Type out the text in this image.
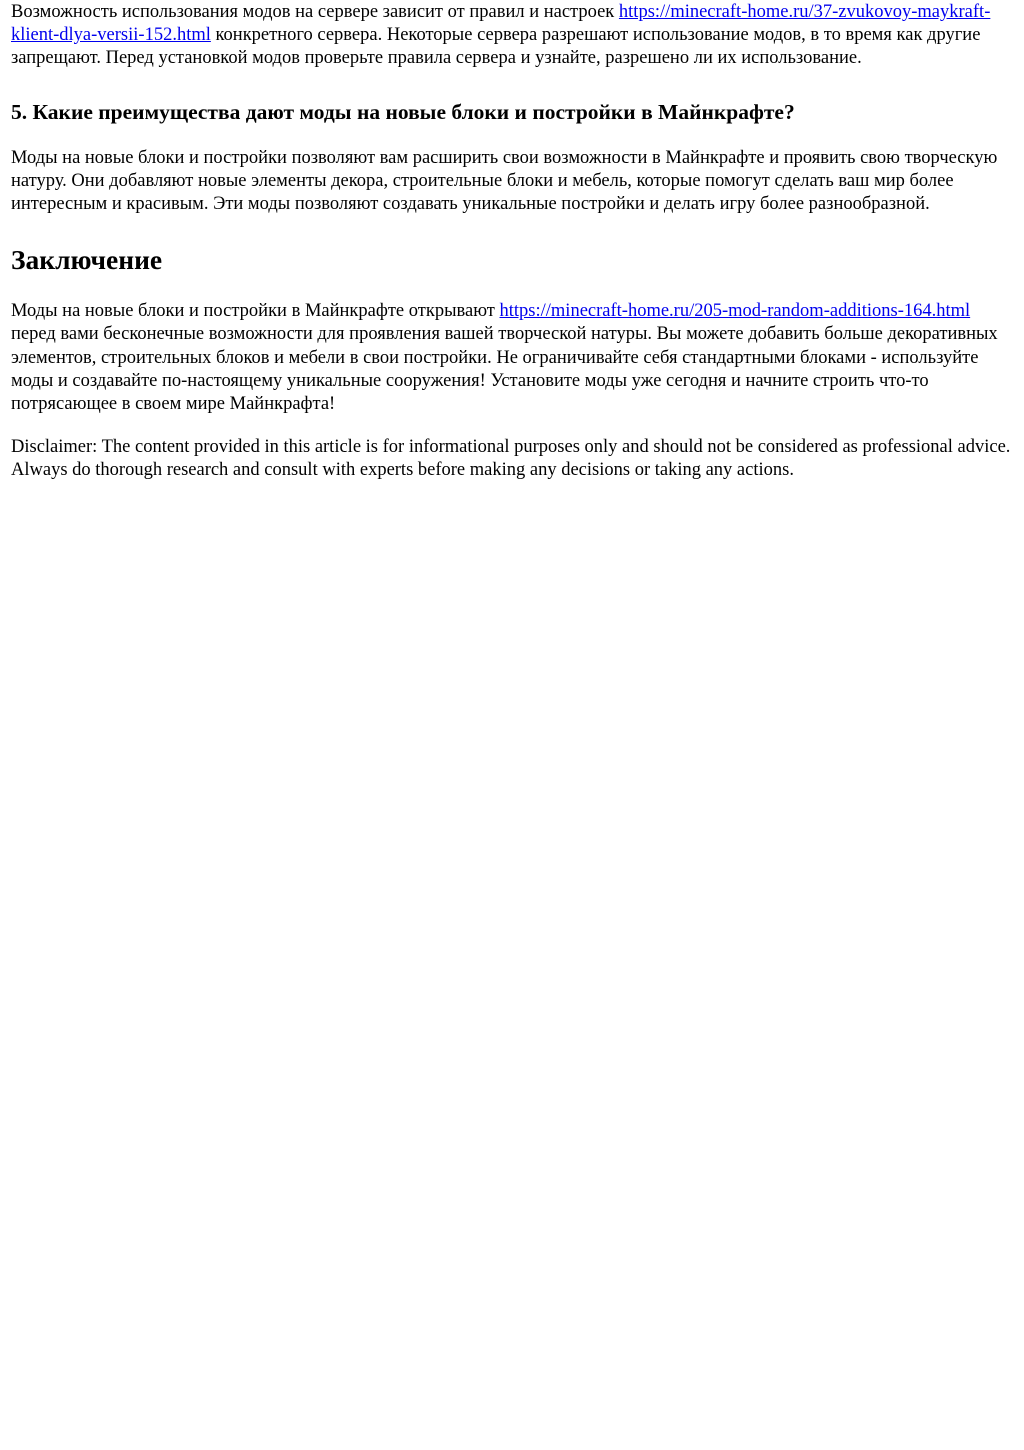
Возможность использования модов на сервере зависит от правил и настроек https://minecraft-home.ru/37-zvukovoy-maykraft-klient-dlya-versii-152.html конкретного сервера. Некоторые сервера разрешают использование модов, в то время как другие запрещают. Перед установкой модов проверьте правила сервера и узнайте, разрешено ли их использование.

5. Какие преимущества дают моды на новые блоки и постройки в Майнкрафте?

Моды на новые блоки и постройки позволяют вам расширить свои возможности в Майнкрафте и проявить свою творческую натуру. Они добавляют новые элементы декора, строительные блоки и мебель, которые помогут сделать ваш мир более интересным и красивым. Эти моды позволяют создавать уникальные постройки и делать игру более разнообразной.

Заключение

Моды на новые блоки и постройки в Майнкрафте открывают https://minecraft-home.ru/205-mod-random-additions-164.html перед вами бесконечные возможности для проявления вашей творческой натуры. Вы можете добавить больше декоративных элементов, строительных блоков и мебели в свои постройки. Не ограничивайте себя стандартными блоками - используйте моды и создавайте по-настоящему уникальные сооружения! Установите моды уже сегодня и начните строить что-то потрясающее в своем мире Майнкрафта!

Disclaimer: The content provided in this article is for informational purposes only and should not be considered as professional advice. Always do thorough research and consult with experts before making any decisions or taking any actions.
